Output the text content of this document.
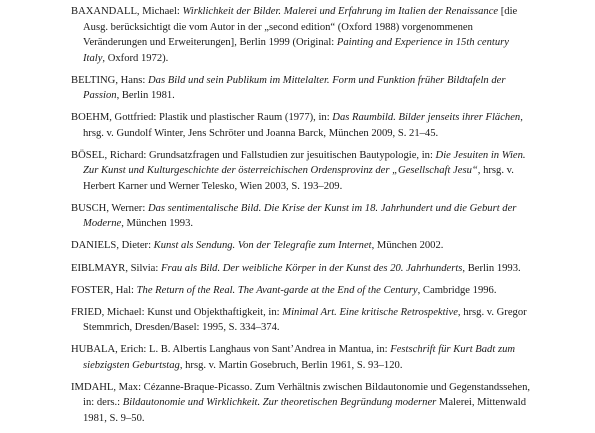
BAXANDALL, Michael: Wirklichkeit der Bilder. Malerei und Erfahrung im Italien der Renaissance [die Ausg. berücksichtigt die vom Autor in der „second edition“ (Oxford 1988) vorgenommenen Veränderungen und Erweiterungen], Berlin 1999 (Original: Painting and Experience in 15th century Italy, Oxford 1972).

BELTING, Hans: Das Bild und sein Publikum im Mittelalter. Form und Funktion früher Bildtafeln der Passion, Berlin 1981.

BOEHM, Gottfried: Plastik und plastischer Raum (1977), in: Das Raumbild. Bilder jenseits ihrer Flächen, hrsg. v. Gundolf Winter, Jens Schröter und Joanna Barck, München 2009, S. 21–45.

BÖSEL, Richard: Grundsatzfragen und Fallstudien zur jesuitischen Bautypologie, in: Die Jesuiten in Wien. Zur Kunst und Kulturgeschichte der österreichischen Ordensprovinz der „Gesellschaft Jesu“, hrsg. v. Herbert Karner und Werner Telesko, Wien 2003, S. 193–209.

BUSCH, Werner: Das sentimentalische Bild. Die Krise der Kunst im 18. Jahrhundert und die Geburt der Moderne, München 1993.

DANIELS, Dieter: Kunst als Sendung. Von der Telegrafie zum Internet, München 2002.

EIBLMAYR, Silvia: Frau als Bild. Der weibliche Körper in der Kunst des 20. Jahrhunderts, Berlin 1993.

FOSTER, Hal: The Return of the Real. The Avant-garde at the End of the Century, Cambridge 1996.

FRIED, Michael: Kunst und Objekthaftigkeit, in: Minimal Art. Eine kritische Retrospektive, hrsg. v. Gregor Stemmrich, Dresden/Basel: 1995, S. 334–374.

HUBALA, Erich: L. B. Albertis Langhaus von Sant’Andrea in Mantua, in: Festschrift für Kurt Badt zum siebzigsten Geburtstag, hrsg. v. Martin Gosebruch, Berlin 1961, S. 93–120.

IMDAHL, Max: Cézanne-Braque-Picasso. Zum Verhältnis zwischen Bildautonomie und Gegenstandssehen, in: ders.: Bildautonomie und Wirklichkeit. Zur theoretischen Begründung moderner Malerei, Mittenwald 1981, S. 9–50.
